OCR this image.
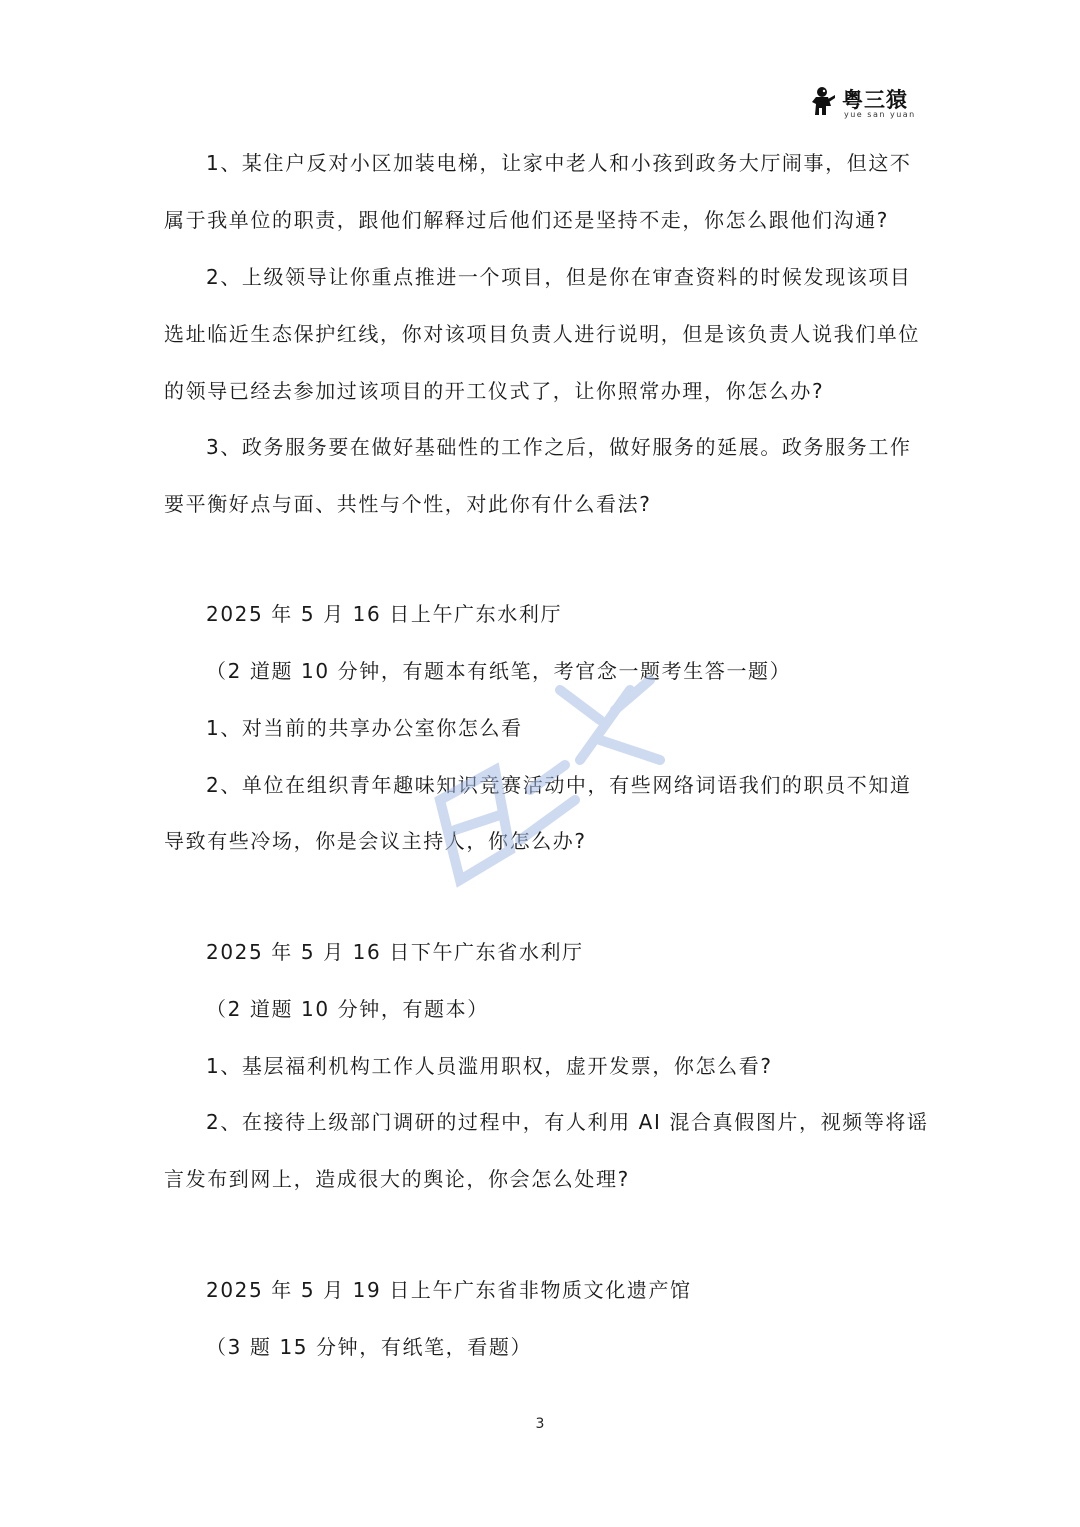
粤三猿
yue san yuan
1、某住户反对小区加装电梯，让家中老人和小孩到政务大厅闹事，但这不
属于我单位的职责，跟他们解释过后他们还是坚持不走，你怎么跟他们沟通?
2、上级领导让你重点推进一个项目，但是你在审查资料的时候发现该项目
选址临近生态保护红线，你对该项目负责人进行说明，但是该负责人说我们单位
的领导已经去参加过该项目的开工仪式了，让你照常办理，你怎么办?
3、政务服务要在做好基础性的工作之后，做好服务的延展。政务服务工作
要平衡好点与面、共性与个性，对此你有什么看法?
2025 年 5 月 16 日上午广东水利厅
（2 道题 10 分钟，有题本有纸笔，考官念一题考生答一题）
1、对当前的共享办公室你怎么看
2、单位在组织青年趣味知识竞赛活动中，有些网络词语我们的职员不知道
导致有些冷场，你是会议主持人，你怎么办?
2025 年 5 月 16 日下午广东省水利厅
（2 道题 10 分钟，有题本）
1、基层福利机构工作人员滥用职权，虚开发票，你怎么看?
2、在接待上级部门调研的过程中，有人利用 AI 混合真假图片，视频等将谣
言发布到网上，造成很大的舆论，你会怎么处理?
2025 年 5 月 19 日上午广东省非物质文化遗产馆
（3 题 15 分钟，有纸笔，看题）
3
